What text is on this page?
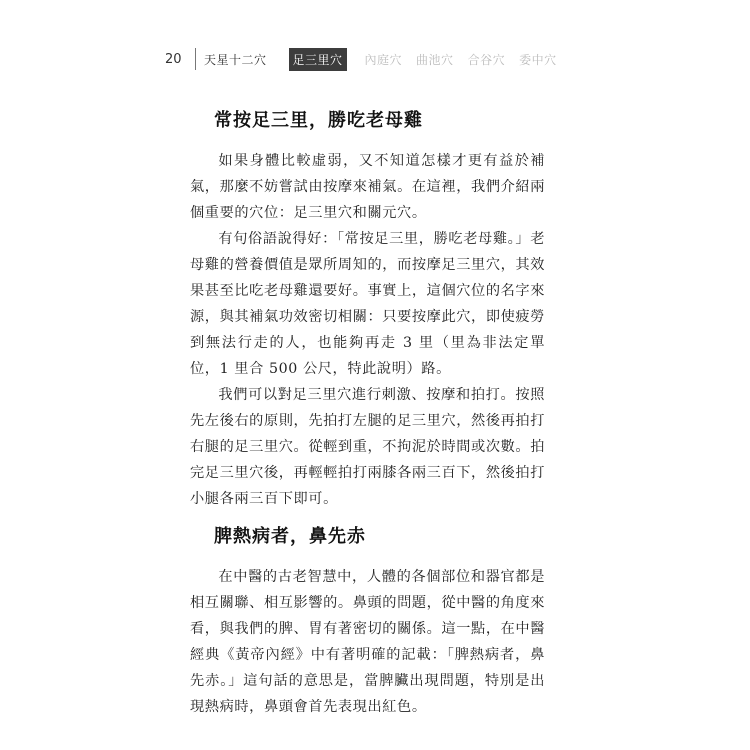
20	天星十二穴	足三里穴	內庭穴 曲池穴 合谷穴 委中穴
常按足三里，勝吃老母雞

如果身體比較虛弱，又不知道怎樣才更有益於補氣，那麼不妨嘗試由按摩來補氣。在這裡，我們介紹兩個重要的穴位：足三里穴和關元穴。

有句俗語說得好：「常按足三里，勝吃老母雞。」老母雞的營養價值是眾所周知的，而按摩足三里穴，其效果甚至比吃老母雞還要好。事實上，這個穴位的名字來源，與其補氣功效密切相關：只要按摩此穴，即使疲勞到無法行走的人，也能夠再走 3 里（里為非法定單位，1 里合 500 公尺，特此說明）路。

我們可以對足三里穴進行刺激、按摩和拍打。按照先左後右的原則，先拍打左腿的足三里穴，然後再拍打右腿的足三里穴。從輕到重，不拘泥於時間或次數。拍完足三里穴後，再輕輕拍打兩膝各兩三百下，然後拍打小腿各兩三百下即可。

脾熱病者，鼻先赤

在中醫的古老智慧中，人體的各個部位和器官都是相互關聯、相互影響的。鼻頭的問題，從中醫的角度來看，與我們的脾、胃有著密切的關係。這一點，在中醫經典《黃帝內經》中有著明確的記載：「脾熱病者，鼻先赤。」這句話的意思是，當脾臟出現問題，特別是出現熱病時，鼻頭會首先表現出紅色。
